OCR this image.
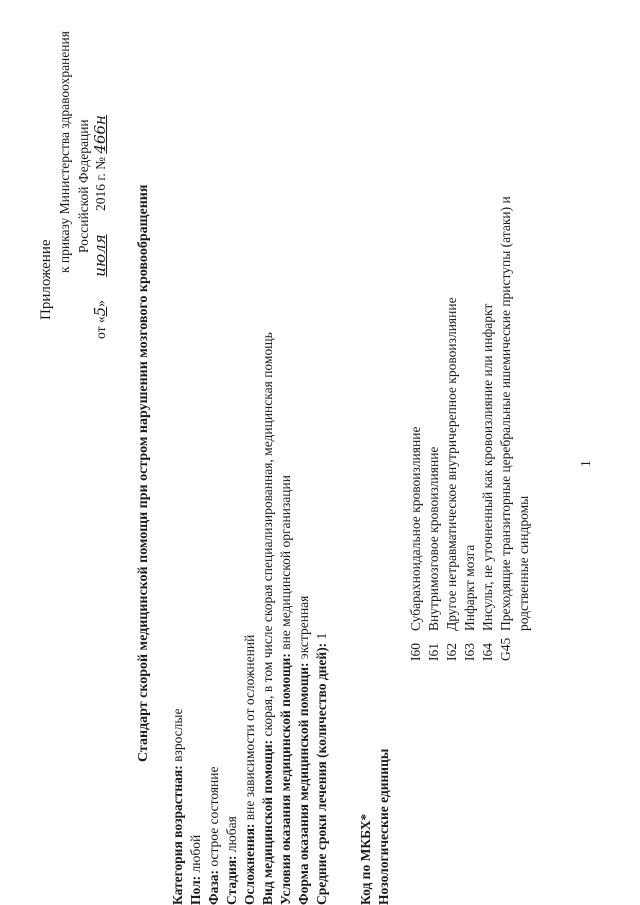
Приложение
к приказу Министерства здравоохранения Российской Федерации
от «5» июля 2016 г. № 466н
Стандарт скорой медицинской помощи при остром нарушении мозгового кровообращения
Категория возрастная: взрослые
Пол: любой
Фаза: острое состояние
Стадия: любая Осложнения: вне зависимости от осложнений Вид медицинской помощи: скорая, в том числе скорая специализированная, медицинская помощь
Условия оказания медицинской помощи: вне медицинской организации
Форма оказания медицинской помощи: экстренная
Средние сроки лечения (количество дней): 1
Код по МКБХ* Нозологические единицы
I60
Субарахноидальное кровоизлияние
I61
Внутримозговое кровоизлияние
I62
Другое нетравматическое внутричерепное кровоизлияние
I63
Инфаркт мозга
I64
Инсульт, не уточненный как кровоизлияние или инфаркт
G45
Преходящие транзиторные церебральные ишемические приступы (атаки) и родственные синдромы
1
